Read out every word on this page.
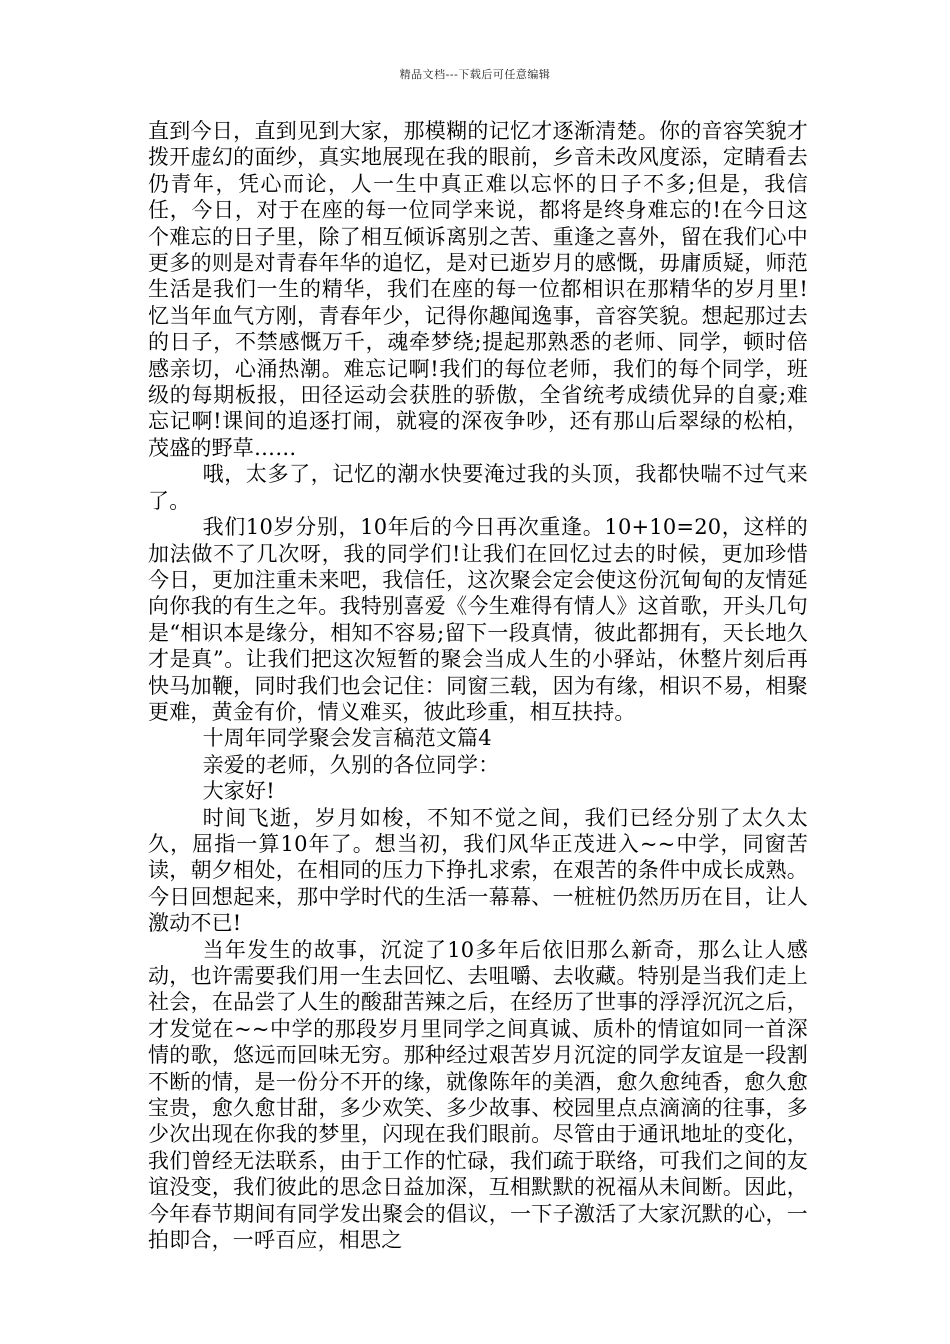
精品文档---下载后可任意编辑

直到今日，直到见到大家，那模糊的记忆才逐渐清楚。你的音容笑貌才拨开虚幻的面纱，真实地展现在我的眼前，乡音未改风度添，定睛看去仍青年，凭心而论，人一生中真正难以忘怀的日子不多;但是，我信任，今日，对于在座的每一位同学来说，都将是终身难忘的!在今日这个难忘的日子里，除了相互倾诉离别之苦、重逢之喜外，留在我们心中更多的则是对青春年华的追忆，是对已逝岁月的感慨，毋庸质疑，师范生活是我们一生的精华，我们在座的每一位都相识在那精华的岁月里!忆当年血气方刚，青春年少，记得你趣闻逸事，音容笑貌。想起那过去的日子，不禁感慨万千，魂牵梦绕;提起那熟悉的老师、同学，顿时倍感亲切，心涌热潮。难忘记啊!我们的每位老师，我们的每个同学，班级的每期板报，田径运动会获胜的骄傲，全省统考成绩优异的自豪;难忘记啊!课间的追逐打闹，就寝的深夜争吵，还有那山后翠绿的松柏，茂盛的野草……

哦，太多了，记忆的潮水快要淹过我的头顶，我都快喘不过气来了。

我们10岁分别，10年后的今日再次重逢。10+10=20，这样的加法做不了几次呀，我的同学们!让我们在回忆过去的时候，更加珍惜今日，更加注重未来吧，我信任，这次聚会定会使这份沉甸甸的友情延向你我的有生之年。我特别喜爱《今生难得有情人》这首歌，开头几句是“相识本是缘分，相知不容易;留下一段真情，彼此都拥有，天长地久才是真”。让我们把这次短暂的聚会当成人生的小驿站，休整片刻后再快马加鞭，同时我们也会记住：同窗三载，因为有缘，相识不易，相聚更难，黄金有价，情义难买，彼此珍重，相互扶持。

十周年同学聚会发言稿范文篇4

亲爱的老师，久别的各位同学：

大家好!

时间飞逝，岁月如梭，不知不觉之间，我们已经分别了太久太久，屈指一算10年了。想当初，我们风华正茂进入~~中学，同窗苦读，朝夕相处，在相同的压力下挣扎求索，在艰苦的条件中成长成熟。今日回想起来，那中学时代的生活一幕幕、一桩桩仍然历历在目，让人激动不已!

当年发生的故事，沉淀了10多年后依旧那么新奇，那么让人感动，也许需要我们用一生去回忆、去咀嚼、去收藏。特别是当我们走上社会，在品尝了人生的酸甜苦辣之后，在经历了世事的浮浮沉沉之后，才发觉在~~中学的那段岁月里同学之间真诚、质朴的情谊如同一首深情的歌，悠远而回味无穷。那种经过艰苦岁月沉淀的同学友谊是一段割不断的情，是一份分不开的缘，就像陈年的美酒，愈久愈纯香，愈久愈宝贵，愈久愈甘甜，多少欢笑、多少故事、校园里点点滴滴的往事，多少次出现在你我的梦里，闪现在我们眼前。尽管由于通讯地址的变化，我们曾经无法联系，由于工作的忙碌，我们疏于联络，可我们之间的友谊没变，我们彼此的思念日益加深，互相默默的祝福从未间断。因此，今年春节期间有同学发出聚会的倡议，一下子激活了大家沉默的心，一拍即合，一呼百应，相思之
